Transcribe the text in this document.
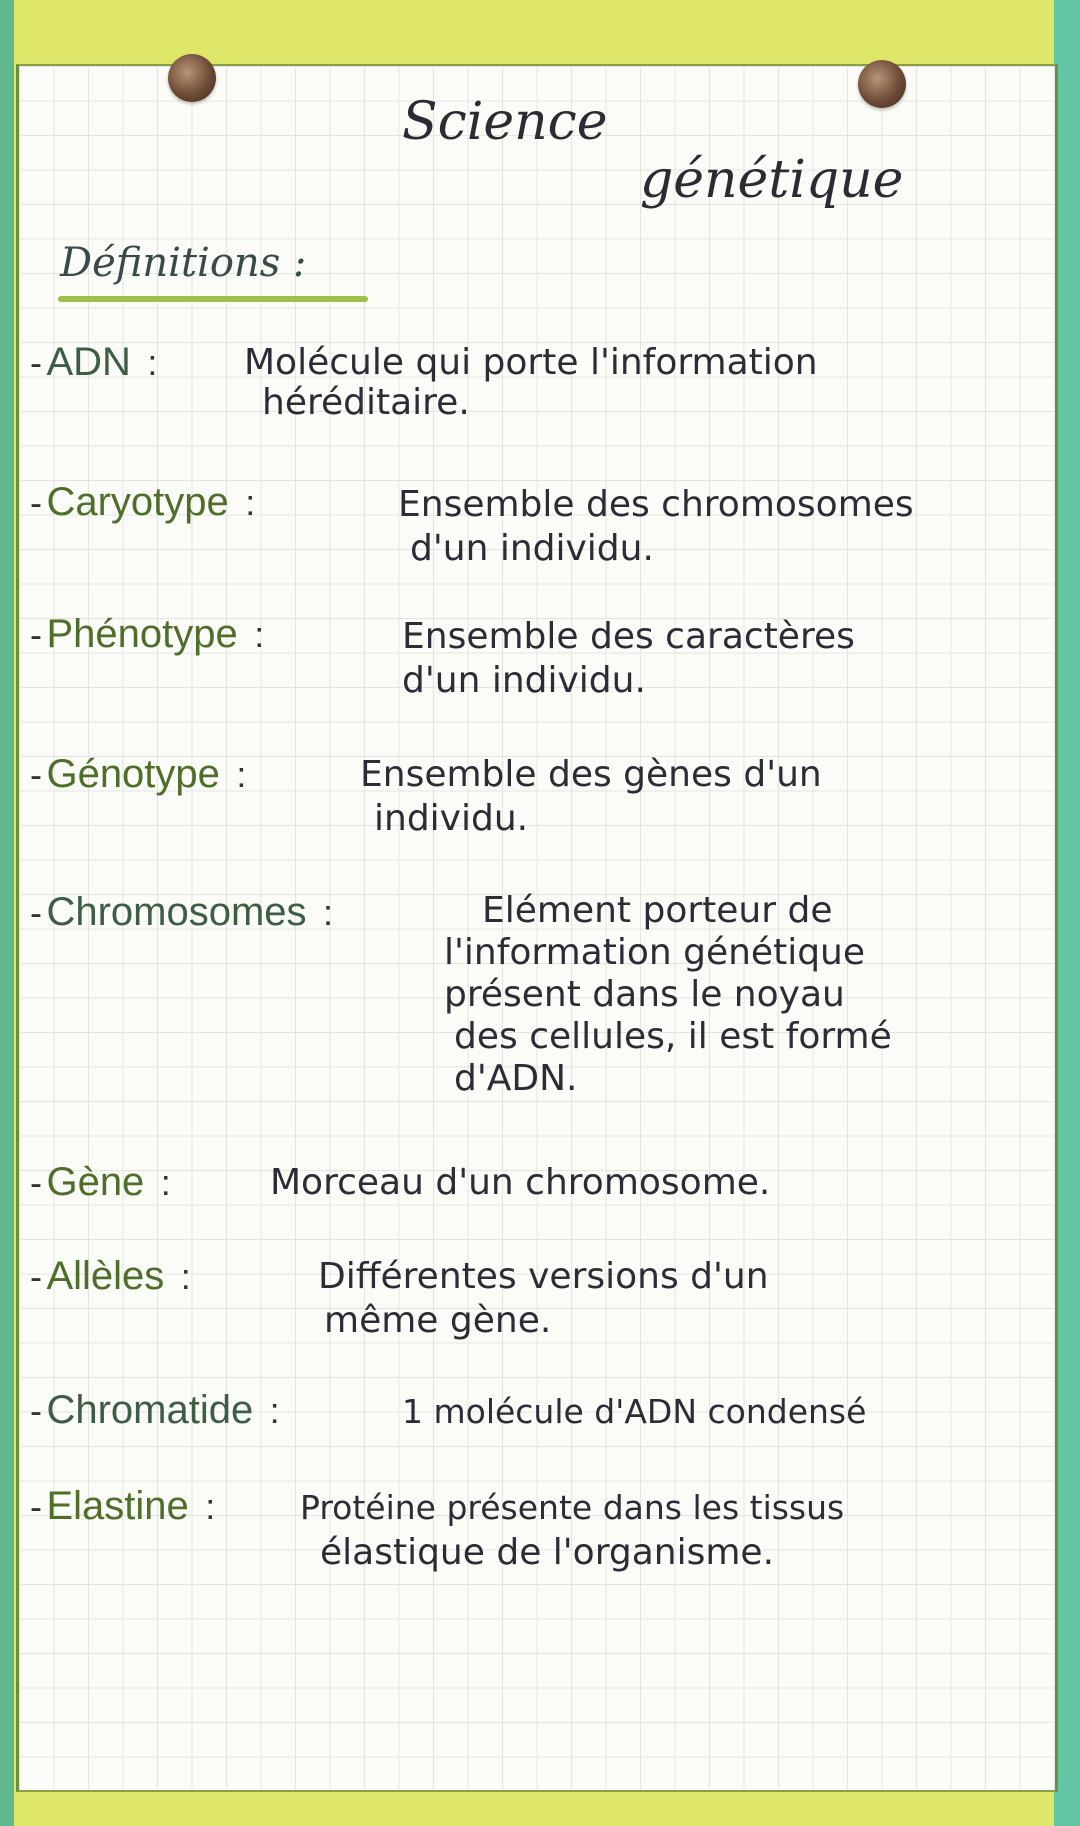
Science
génétique
Définitions :
- ADN : Molécule qui porte l'information
héréditaire.
- Caryotype :	Ensemble des chromosomes
d'un individu.
- Phénotype :	Ensemble des caractères
d'un individu.
- Génotype :	Ensemble des gènes d'un
individu.
- Chromosomes :	Elément porteur de
l'information génétique
présent dans le noyau
des cellules, il est formé
d'ADN.
- Gène :	Morceau d'un chromosome.
- Allèles :	Différentes versions d'un
même gène.
- Chromatide :	1 molécule d'ADN condensé
- Elastine :	Protéine présente dans les tissus
élastique de l'organisme.
